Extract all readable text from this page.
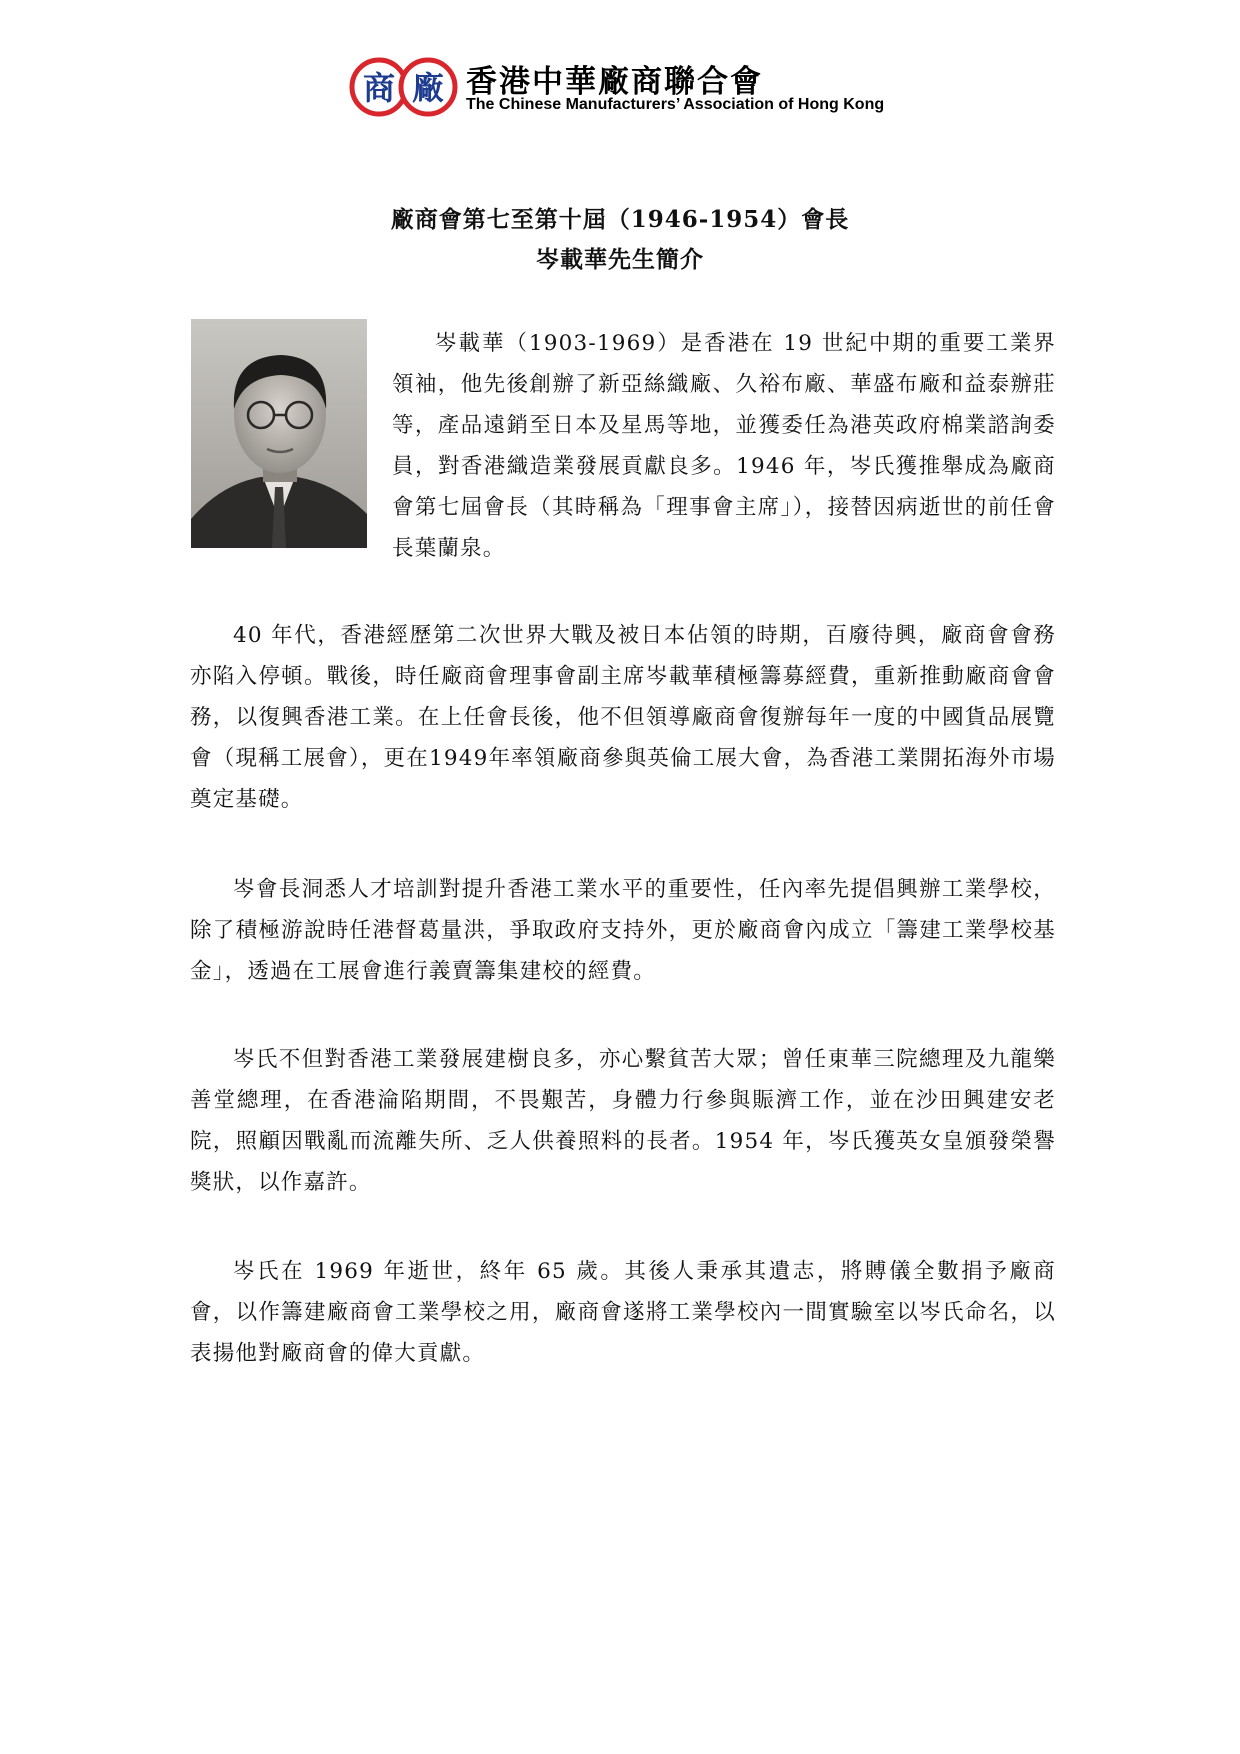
商 廠 香港中華廠商聯合會
The Chinese Manufacturers’ Association of Hong Kong
廠商會第七至第十屆（1946-1954）會長
岑載華先生簡介

岑載華（1903-1969）是香港在 19 世紀中期的重要工業界領袖，他先後創辦了新亞絲織廠、久裕布廠、華盛布廠和益泰辦莊等，產品遠銷至日本及星馬等地，並獲委任為港英政府棉業諮詢委員，對香港織造業發展貢獻良多。1946 年，岑氏獲推舉成為廠商會第七屆會長（其時稱為「理事會主席」），接替因病逝世的前任會長葉蘭泉。

40 年代，香港經歷第二次世界大戰及被日本佔領的時期，百廢待興，廠商會會務亦陷入停頓。戰後，時任廠商會理事會副主席岑載華積極籌募經費，重新推動廠商會會務，以復興香港工業。在上任會長後，他不但領導廠商會復辦每年一度的中國貨品展覽會（現稱工展會），更在1949年率領廠商參與英倫工展大會，為香港工業開拓海外市場奠定基礎。

岑會長洞悉人才培訓對提升香港工業水平的重要性，任內率先提倡興辦工業學校，除了積極游說時任港督葛量洪，爭取政府支持外，更於廠商會內成立「籌建工業學校基金」，透過在工展會進行義賣籌集建校的經費。

岑氏不但對香港工業發展建樹良多，亦心繫貧苦大眾；曾任東華三院總理及九龍樂善堂總理，在香港淪陷期間，不畏艱苦，身體力行參與賑濟工作，並在沙田興建安老院，照顧因戰亂而流離失所、乏人供養照料的長者。1954 年，岑氏獲英女皇頒發榮譽獎狀，以作嘉許。

岑氏在 1969 年逝世，終年 65 歲。其後人秉承其遺志，將賻儀全數捐予廠商會，以作籌建廠商會工業學校之用，廠商會遂將工業學校內一間實驗室以岑氏命名，以表揚他對廠商會的偉大貢獻。
